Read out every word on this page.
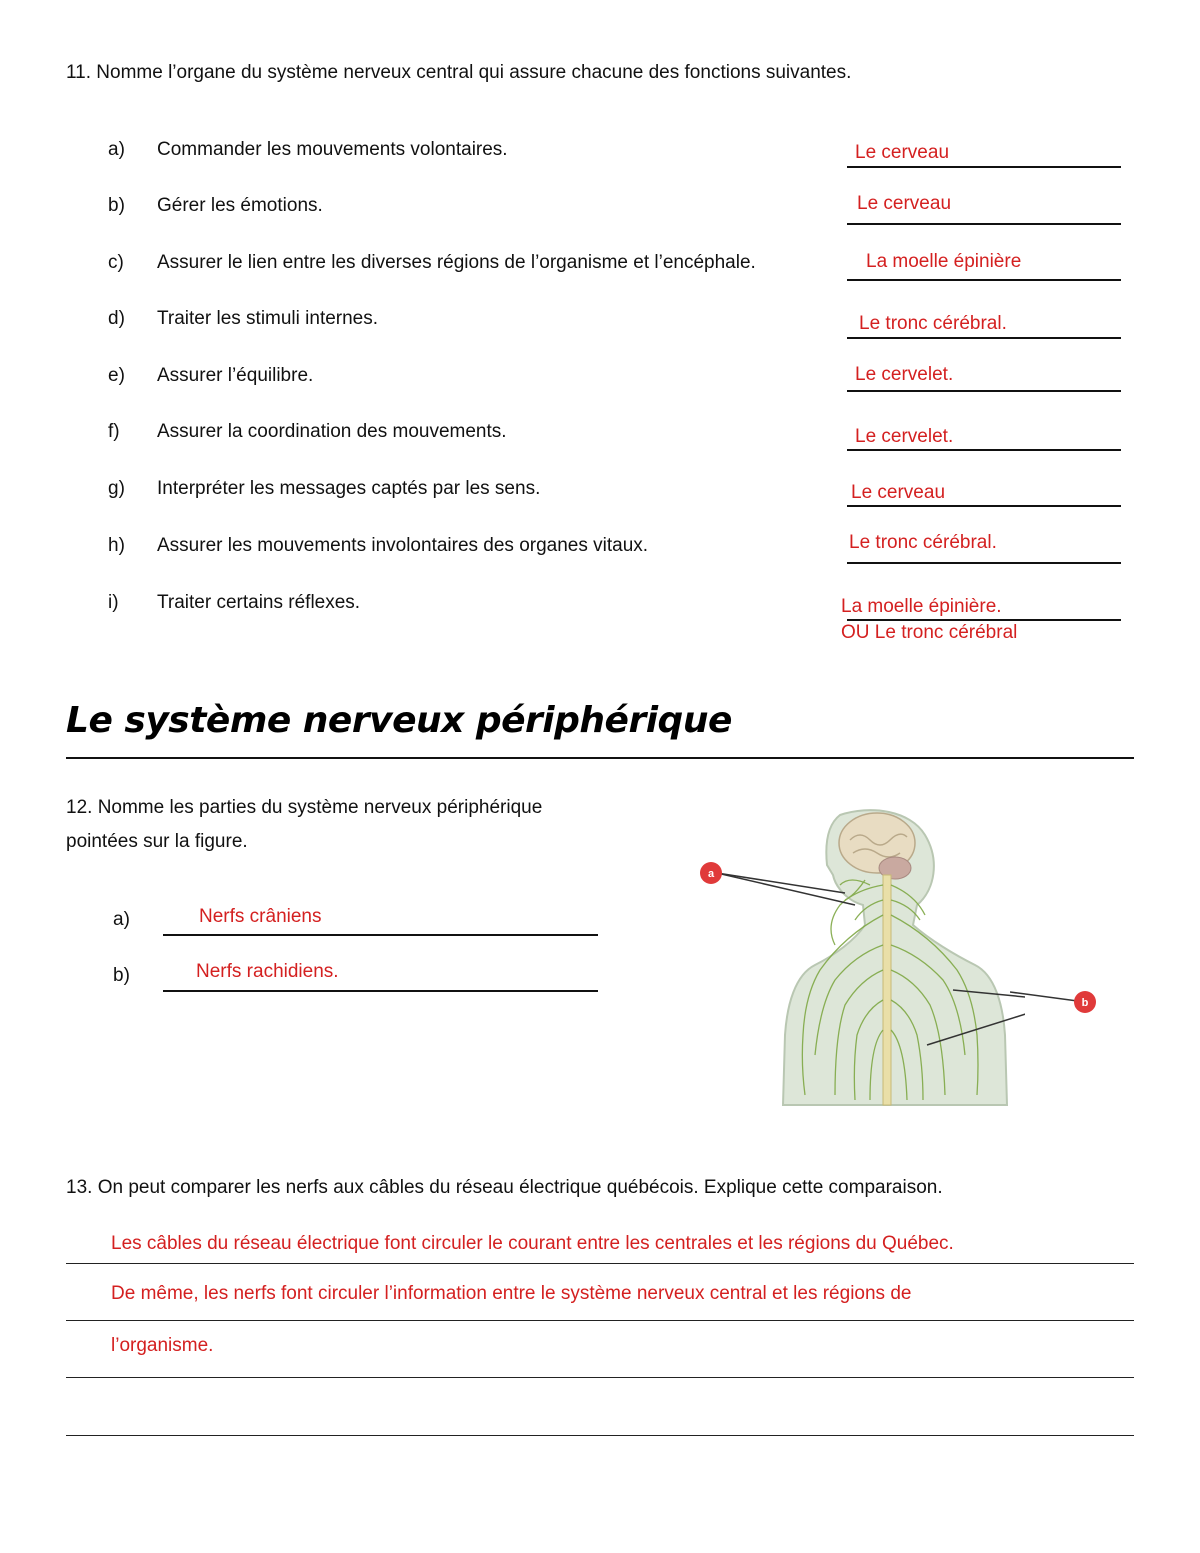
11. Nomme l’organe du système nerveux central qui assure chacune des fonctions suivantes.
a) Commander les mouvements volontaires.	Le cerveau
b) Gérer les émotions.	Le cerveau
c) Assurer le lien entre les diverses régions de l’organisme et l’encéphale.	La moelle épinière
d) Traiter les stimuli internes.	Le tronc cérébral.
e) Assurer l’équilibre.	Le cervelet.
f) Assurer la coordination des mouvements.	Le cervelet.
g) Interpréter les messages captés par les sens.	Le cerveau
h) Assurer les mouvements involontaires des organes vitaux.	Le tronc cérébral.
i) Traiter certains réflexes.	La moelle épinière.
OU Le tronc cérébral
Le système nerveux périphérique
12. Nomme les parties du système nerveux périphérique
pointées sur la figure.
a)	Nerfs crâniens
b)	Nerfs rachidiens.
a
b
13. On peut comparer les nerfs aux câbles du réseau électrique québécois. Explique cette comparaison.
Les câbles du réseau électrique font circuler le courant entre les centrales et les régions du Québec.
De même, les nerfs font circuler l’information entre le système nerveux central et les régions de
l’organisme.
